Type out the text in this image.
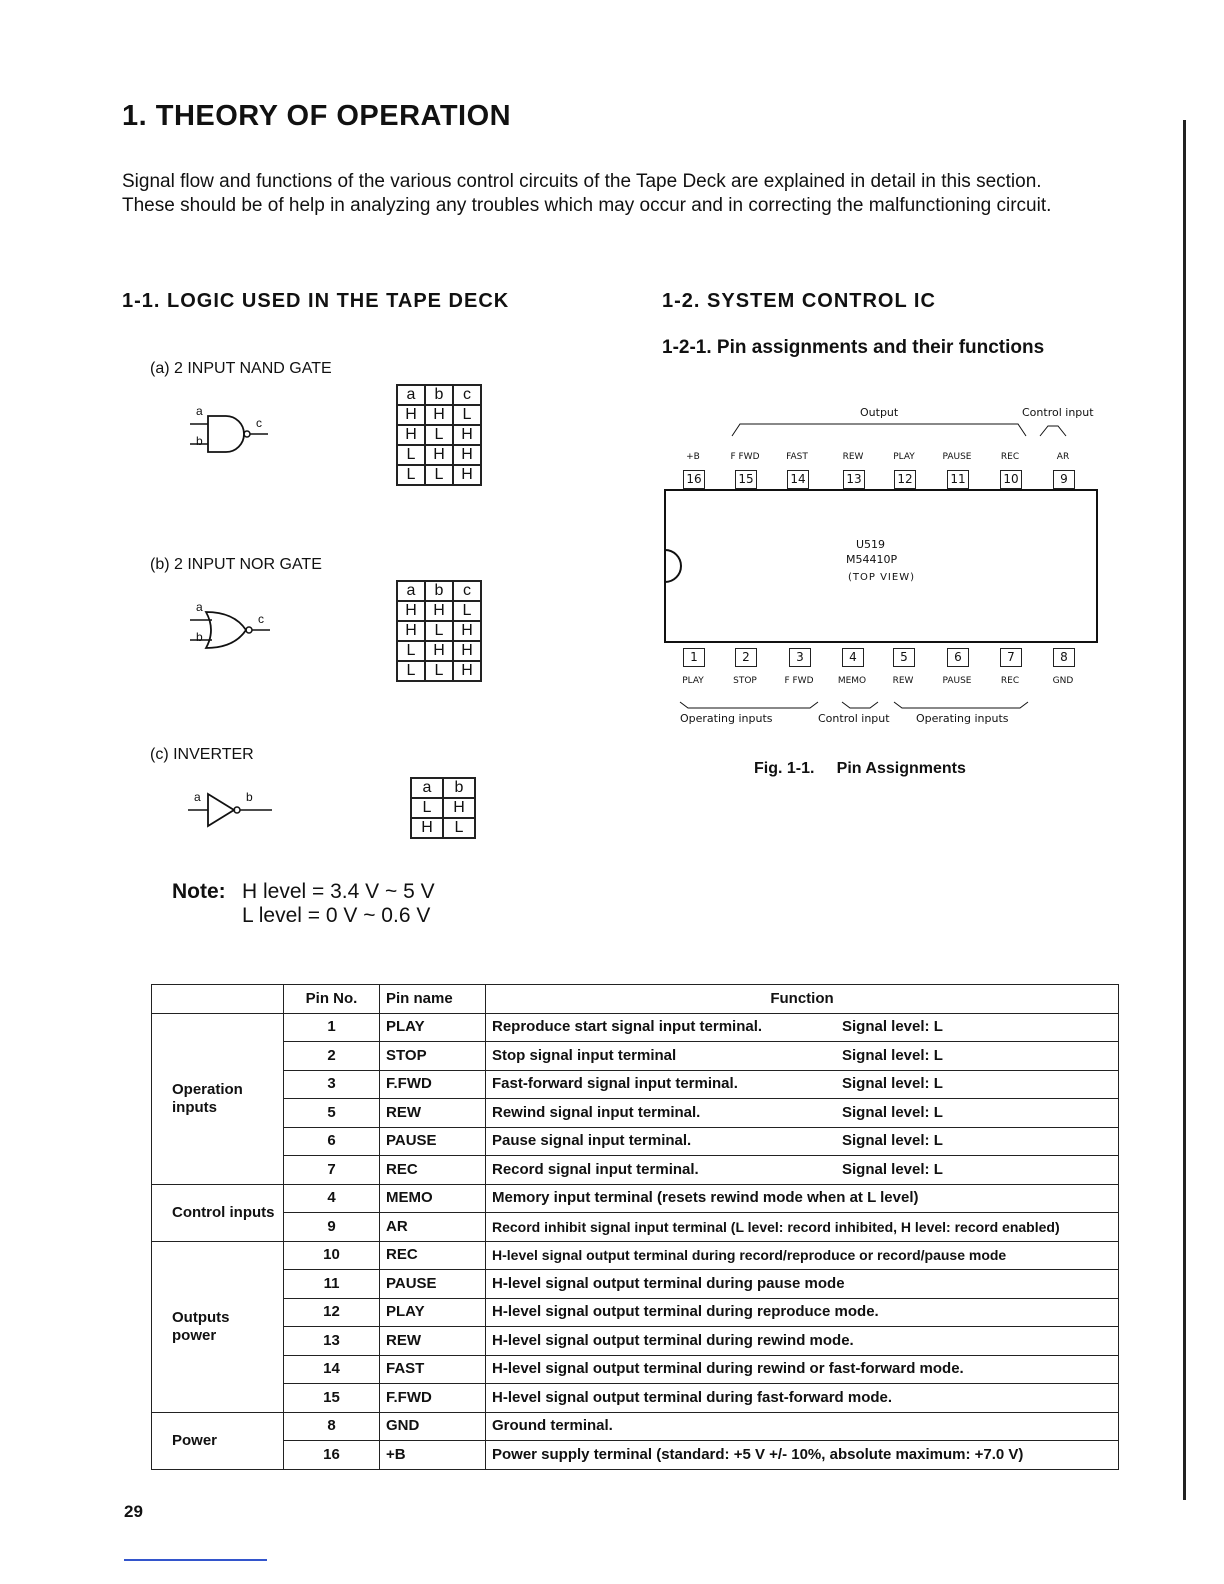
1. THEORY OF OPERATION

Signal flow and functions of the various control circuits of the Tape Deck are explained in detail in this section. These should be of help in analyzing any troubles which may occur and in correcting the malfunctioning circuit.

1-1. LOGIC USED IN THE TAPE DECK
(a) 2 INPUT NAND GATE
a
b
c
a	b	c
H	H	L
H	L	H
L	H	H
L	L	H
(b) 2 INPUT NOR GATE
a
b
c
a	b	c
H	H	L
H	L	H
L	H	H
L	L	H
(c) INVERTER
a	b
a	b
L	H
H	L
Note: H level = 3.4 V ~ 5 V
L level = 0 V ~ 0.6 V
1-2. SYSTEM CONTROL IC
1-2-1. Pin assignments and their functions
Output	Control input
U519
M54410P
(TOP VIEW)
+B
16
F FWD
15
FAST
14
REW
13
PLAY
12
PAUSE
11
REC
10
AR
9
1
PLAY
2
STOP
3
F FWD
4
MEMO
5
REW
6
PAUSE
7
REC
8
GND
Operating inputs	Control input Operating inputs
Fig. 1-1.     Pin Assignments
	Pin No.	Pin name	Function
Operation inputs	1	PLAY	Reproduce start signal input terminal. Signal level: L

	2	STOP	Stop signal input terminal Signal level: L

	3	F.FWD	Fast-forward signal input terminal. Signal level: L

	5	REW	Rewind signal input terminal. Signal level: L

	6	PAUSE	Pause signal input terminal. Signal level: L

	7	REC	Record signal input terminal. Signal level: L

Control inputs	4	MEMO	Memory input terminal (resets rewind mode when at L level)
	9	AR	Record inhibit signal input terminal (L level: record inhibited, H level: record enabled)
Outputs power	10	REC	H-level signal output terminal during record/reproduce or record/pause mode
	11	PAUSE	H-level signal output terminal during pause mode
	12	PLAY	H-level signal output terminal during reproduce mode.
	13	REW	H-level signal output terminal during rewind mode.
	14	FAST	H-level signal output terminal during rewind or fast-forward mode.
	15	F.FWD	H-level signal output terminal during fast-forward mode.
Power	8	GND	Ground terminal.
	16	+B	Power supply terminal (standard: +5 V +/- 10%, absolute maximum: +7.0 V)
29
